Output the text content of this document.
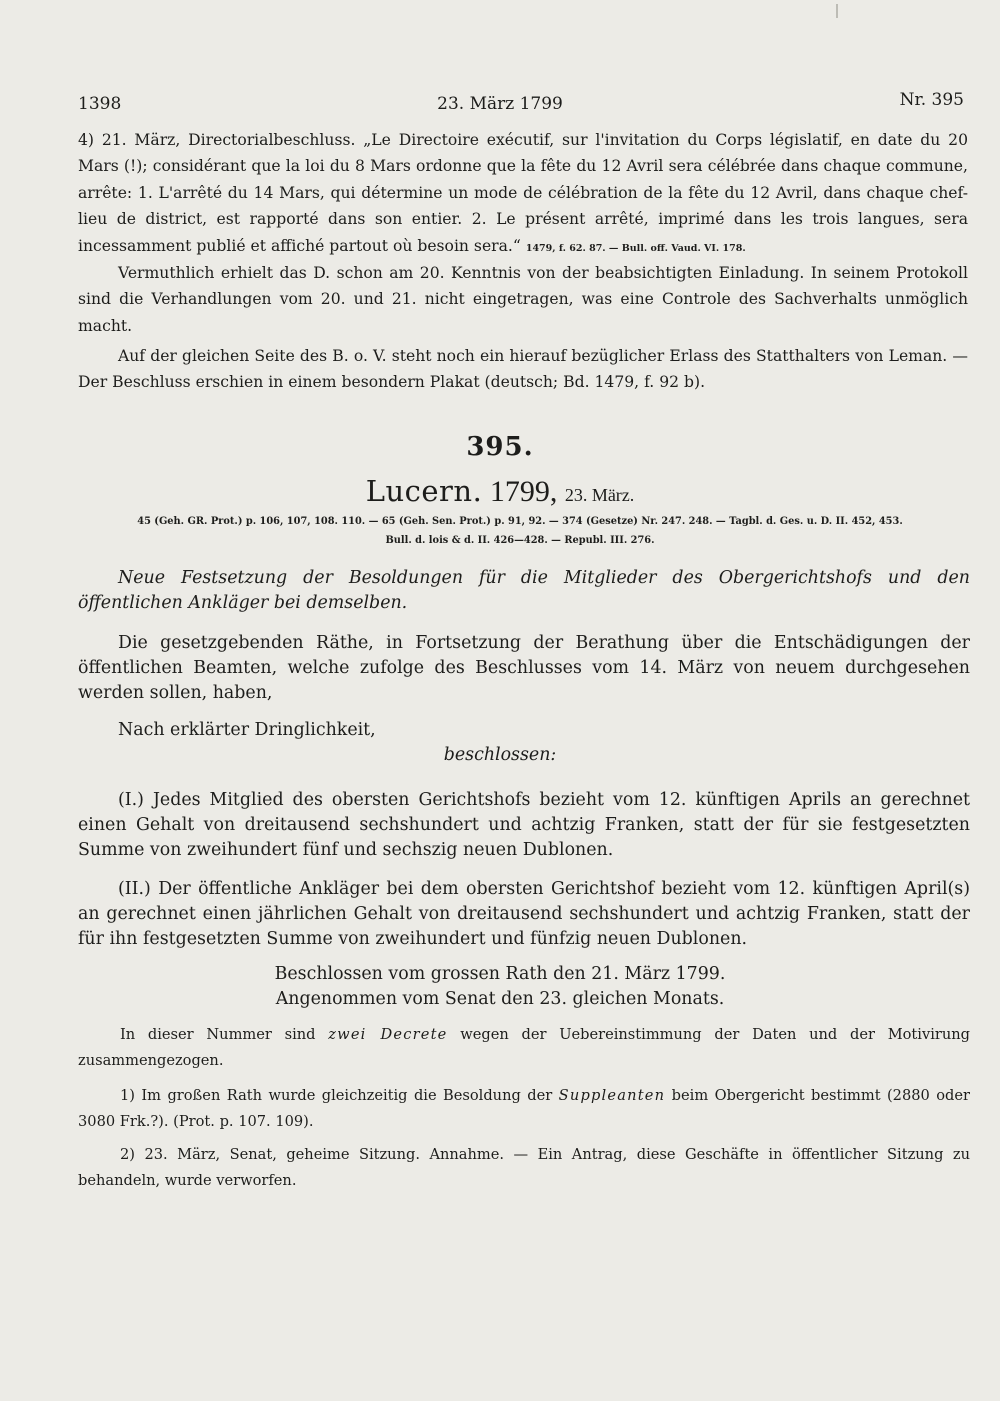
1398	23. März 1799	Nr. 395

4) 21. März, Directorialbeschluss. „Le Directoire exécutif, sur l'invitation du Corps législatif, en date du 20 Mars (!); considérant que la loi du 8 Mars ordonne que la fête du 12 Avril sera célébrée dans chaque commune, arrête: 1. L'arrêté du 14 Mars, qui détermine un mode de célébration de la fête du 12 Avril, dans chaque chef-lieu de district, est rapporté dans son entier. 2. Le présent arrêté, imprimé dans les trois langues, sera incessamment publié et affiché partout où besoin sera.“ 1479, f. 62. 87. — Bull. off. Vaud. VI. 178.

Vermuthlich erhielt das D. schon am 20. Kenntnis von der beabsichtigten Einladung. In seinem Protokoll sind die Verhandlungen vom 20. und 21. nicht eingetragen, was eine Controle des Sachverhalts unmöglich macht.

Auf der gleichen Seite des B. o. V. steht noch ein hierauf bezüglicher Erlass des Statthalters von Leman. — Der Beschluss erschien in einem besondern Plakat (deutsch; Bd. 1479, f. 92 b).

395.
Lucern. 1799, 23. März.
45 (Geh. GR. Prot.) p. 106, 107, 108. 110. — 65 (Geh. Sen. Prot.) p. 91, 92. — 374 (Gesetze) Nr. 247. 248. — Tagbl. d. Ges. u. D. II. 452, 453.
Bull. d. lois & d. II. 426—428. — Republ. III. 276.

Neue Festsetzung der Besoldungen für die Mitglieder des Obergerichtshofs und den öffentlichen Ankläger bei demselben.

Die gesetzgebenden Räthe, in Fortsetzung der Berathung über die Entschädigungen der öffentlichen Beamten, welche zufolge des Beschlusses vom 14. März von neuem durchgesehen werden sollen, haben,

Nach erklärter Dringlichkeit,

beschlossen:

(I.) Jedes Mitglied des obersten Gerichtshofs bezieht vom 12. künftigen Aprils an gerechnet einen Gehalt von dreitausend sechshundert und achtzig Franken, statt der für sie festgesetzten Summe von zweihundert fünf und sechszig neuen Dublonen.

(II.) Der öffentliche Ankläger bei dem obersten Gerichtshof bezieht vom 12. künftigen April(s) an gerechnet einen jährlichen Gehalt von dreitausend sechshundert und achtzig Franken, statt der für ihn festgesetzten Summe von zweihundert und fünfzig neuen Dublonen.

Beschlossen vom grossen Rath den 21. März 1799.
Angenommen vom Senat den 23. gleichen Monats.

In dieser Nummer sind zwei Decrete wegen der Uebereinstimmung der Daten und der Motivirung zusammengezogen.

1) Im großen Rath wurde gleichzeitig die Besoldung der Suppleanten beim Obergericht bestimmt (2880 oder 3080 Frk.?). (Prot. p. 107. 109).

2) 23. März, Senat, geheime Sitzung. Annahme. — Ein Antrag, diese Geschäfte in öffentlicher Sitzung zu behandeln, wurde verworfen.
